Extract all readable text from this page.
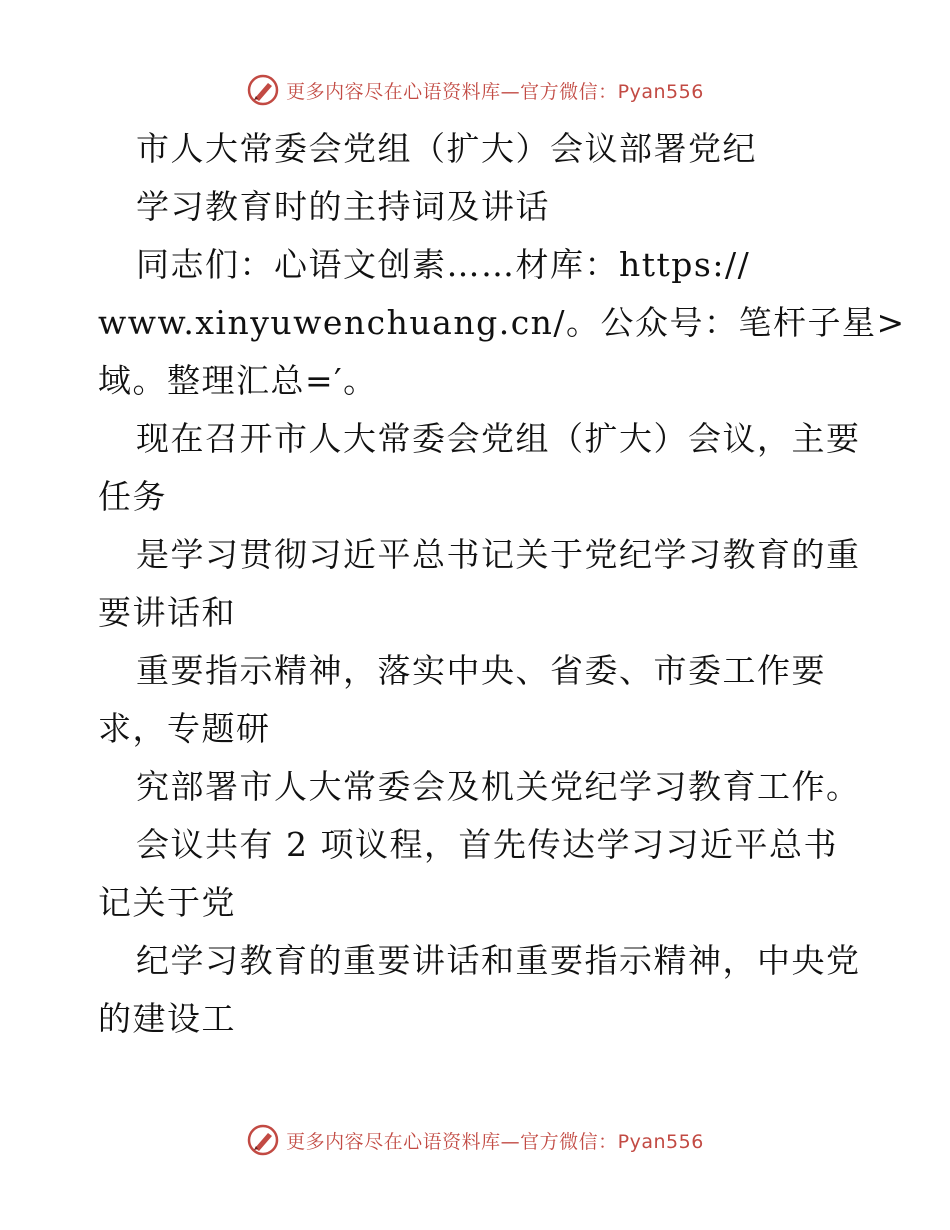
更多内容尽在心语资料库—官方微信：Pyan556
市人大常委会党组（扩大）会议部署党纪
学习教育时的主持词及讲话
同志们：心语文创素……材库：https://
www.xinyuwenchuang.cn/。公众号：笔杆子星>
域。整理汇总=′。
现在召开市人大常委会党组（扩大）会议，主要
任务
是学习贯彻习近平总书记关于党纪学习教育的重
要讲话和
重要指示精神，落实中央、省委、市委工作要
求，专题研
究部署市人大常委会及机关党纪学习教育工作。
会议共有 2 项议程，首先传达学习习近平总书
记关于党
纪学习教育的重要讲话和重要指示精神，中央党
的建设工
更多内容尽在心语资料库—官方微信：Pyan556
